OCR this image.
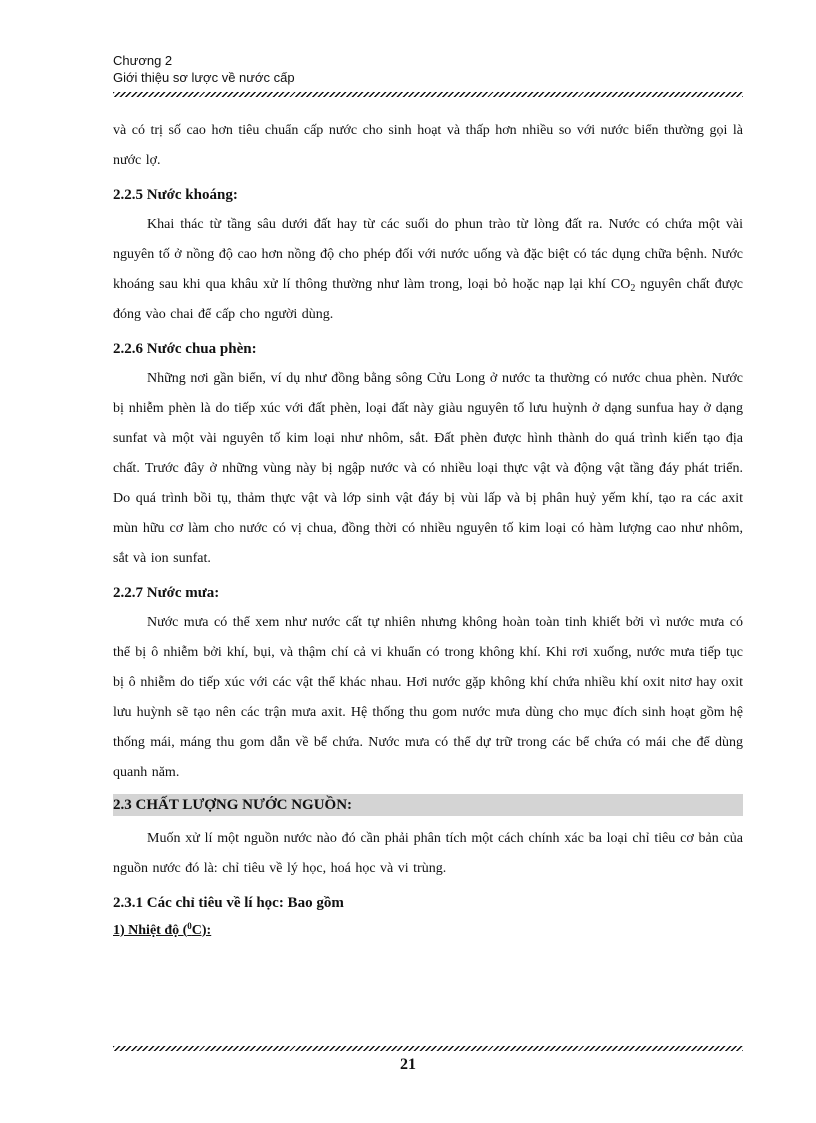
Chương 2
Giới thiệu sơ lược về nước cấp

và có trị số cao hơn tiêu chuẩn cấp nước cho sinh hoạt và thấp hơn nhiều so với nước biển thường gọi là nước lợ.

2.2.5 Nước khoáng:

Khai thác từ tầng sâu dưới đất hay từ các suối do phun trào từ lòng đất ra. Nước có chứa một vài nguyên tố ở nồng độ cao hơn nồng độ cho phép đối với nước uống và đặc biệt có tác dụng chữa bệnh. Nước khoáng sau khi qua khâu xử lí thông thường như làm trong, loại bỏ hoặc nạp lại khí $CO_2$ nguyên chất được đóng vào chai để cấp cho người dùng.

2.2.6 Nước chua phèn:

Những nơi gần biển, ví dụ như đồng bằng sông Cửu Long ở nước ta thường có nước chua phèn. Nước bị nhiễm phèn là do tiếp xúc với đất phèn, loại đất này giàu nguyên tố lưu huỳnh ở dạng sunfua hay ở dạng sunfat và một vài nguyên tố kim loại như nhôm, sắt. Đất phèn được hình thành do quá trình kiến tạo địa chất. Trước đây ở những vùng này bị ngập nước và có nhiều loại thực vật và động vật tầng đáy phát triển. Do quá trình bồi tụ, thảm thực vật và lớp sinh vật đáy bị vùi lấp và bị phân huỷ yếm khí, tạo ra các axit mùn hữu cơ làm cho nước có vị chua, đồng thời có nhiều nguyên tố kim loại có hàm lượng cao như nhôm, sắt và ion sunfat.

2.2.7 Nước mưa:

Nước mưa có thể xem như nước cất tự nhiên nhưng không hoàn toàn tinh khiết bởi vì nước mưa có thể bị ô nhiễm bởi khí, bụi, và thậm chí cả vi khuẩn có trong không khí. Khi rơi xuống, nước mưa tiếp tục bị ô nhiễm do tiếp xúc với các vật thể khác nhau. Hơi nước gặp không khí chứa nhiều khí oxit nitơ hay oxit lưu huỳnh sẽ tạo nên các trận mưa axit. Hệ thống thu gom nước mưa dùng cho mục đích sinh hoạt gồm hệ thống mái, máng thu gom dẫn về bể chứa. Nước mưa có thể dự trữ trong các bể chứa có mái che để dùng quanh năm.

2.3 CHẤT LƯỢNG NƯỚC NGUỒN:

Muốn xử lí một nguồn nước nào đó cần phải phân tích một cách chính xác ba loại chỉ tiêu cơ bản của nguồn nước đó là: chỉ tiêu về lý học, hoá học và vi trùng.

2.3.1 Các chỉ tiêu về lí học: Bao gồm
1) Nhiệt độ ($^0$C):
21
